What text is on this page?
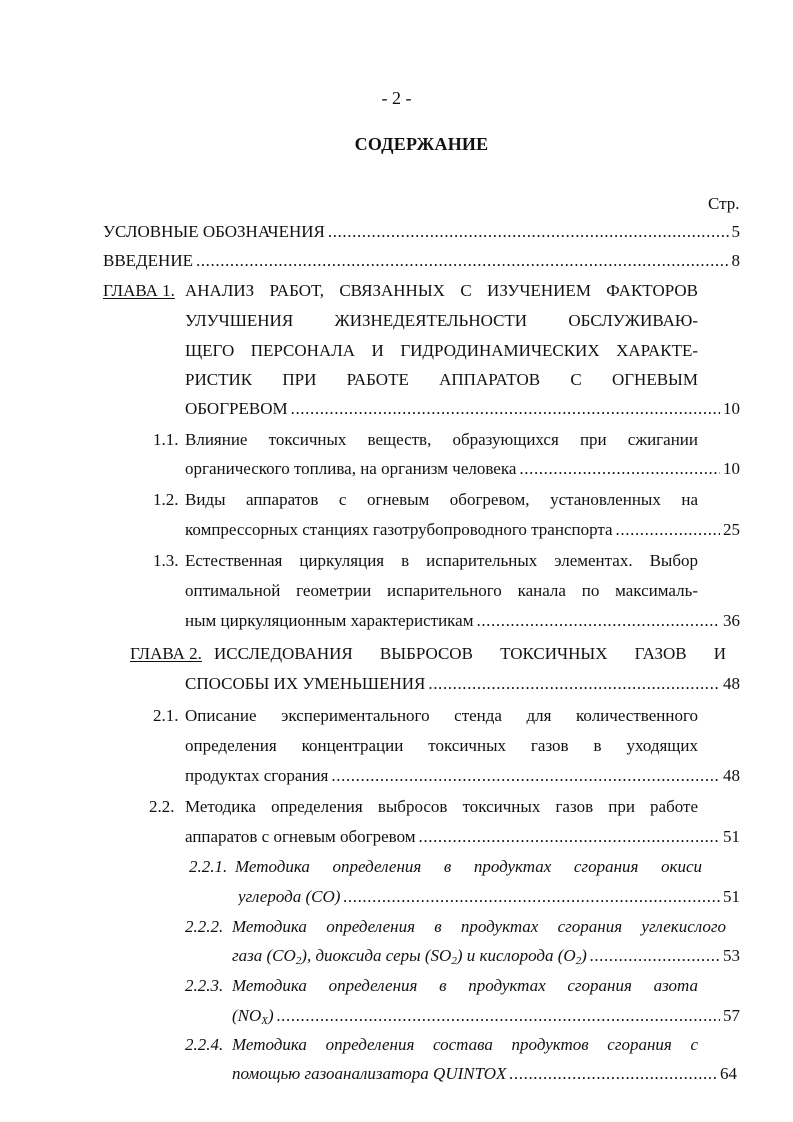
- 2 -
СОДЕРЖАНИЕ
Стр.
УСЛОВНЫЕ ОБОЗНАЧЕНИЯ .....	5
ВВЕДЕНИЕ .....	8
ГЛАВА 1. АНАЛИЗ РАБОТ, СВЯЗАННЫХ С ИЗУЧЕНИЕМ ФАКТОРОВ
УЛУЧШЕНИЯ ЖИЗНЕДЕЯТЕЛЬНОСТИ ОБСЛУЖИВАЮ-
ЩЕГО ПЕРСОНАЛА И ГИДРОДИНАМИЧЕСКИХ ХАРАКТЕ-
РИСТИК ПРИ РАБОТЕ АППАРАТОВ С ОГНЕВЫМ
ОБОГРЕВОМ .....	10
1.1. Влияние токсичных веществ, образующихся при сжигании
органического топлива, на организм человека .....	10
1.2. Виды аппаратов с огневым обогревом, установленных на
компрессорных станциях газотрубопроводного транспорта .....	25
1.3. Естественная циркуляция в испарительных элементах. Выбор
оптимальной геометрии испарительного канала по максималь-
ным циркуляционным характеристикам .....	36
ГЛАВА 2. ИССЛЕДОВАНИЯ ВЫБРОСОВ ТОКСИЧНЫХ ГАЗОВ И
СПОСОБЫ ИХ УМЕНЬШЕНИЯ .....	48
2.1. Описание экспериментального стенда для количественного
определения концентрации токсичных газов в уходящих
продуктах сгорания .....	48
2.2. Методика определения выбросов токсичных газов при работе
аппаратов с огневым обогревом .....	51
2.2.1. Методика определения в продуктах сгорания окиси
углерода (СО) .....	51
2.2.2. Методика определения в продуктах сгорания углекислого
газа $(СО_2)$, диоксида серы $(SO_2)$ и кислорода $(О_2)$ .....	53
2.2.3. Методика определения в продуктах сгорания азота
$(NO_X)$ .....	57
2.2.4. Методика определения состава продуктов сгорания с
помощью газоанализатора QUINTOX .....	64
